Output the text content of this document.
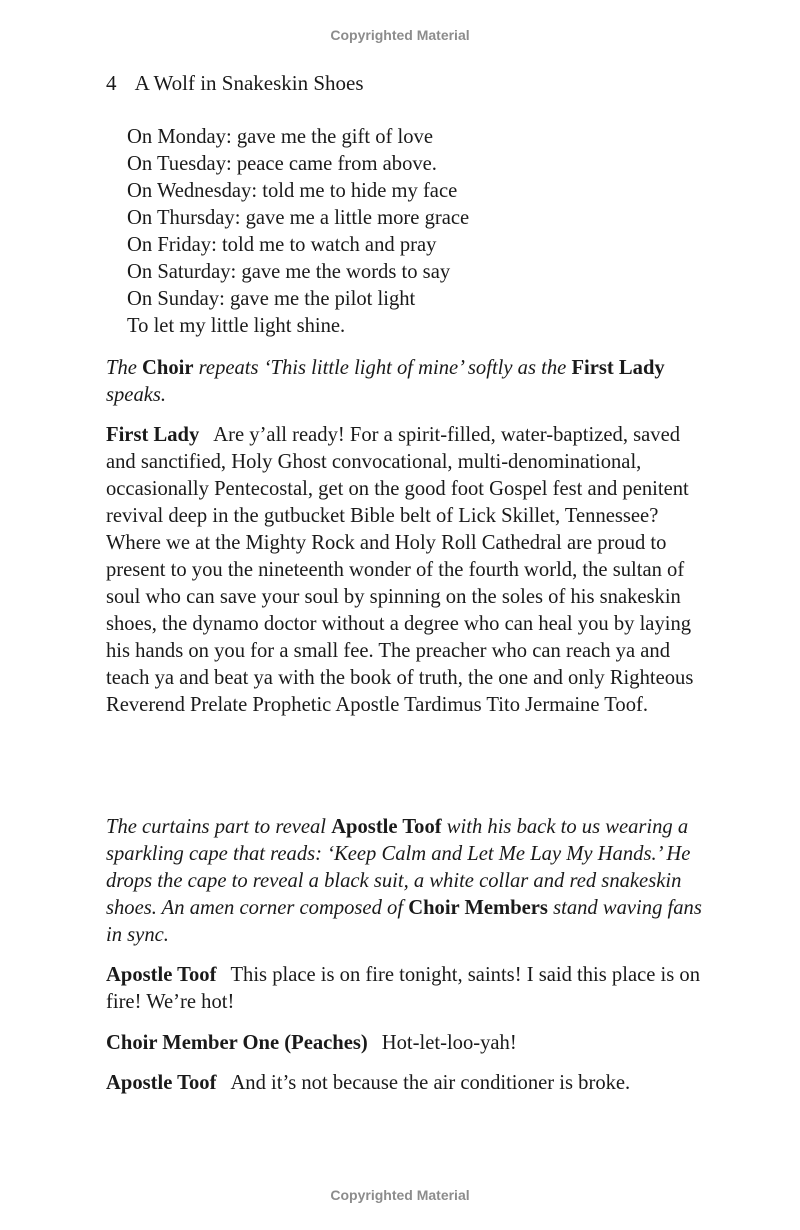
Copyrighted Material
4 A Wolf in Snakeskin Shoes
On Monday: gave me the gift of love
On Tuesday: peace came from above.
On Wednesday: told me to hide my face
On Thursday: gave me a little more grace
On Friday: told me to watch and pray
On Saturday: gave me the words to say
On Sunday: gave me the pilot light
To let my little light shine.
The Choir repeats ‘This little light of mine’ softly as the First Lady speaks.
First Lady Are y’all ready! For a spirit-filled, water-baptized, saved and sanctified, Holy Ghost convocational, multi-denominational, occasionally Pentecostal, get on the good foot Gospel fest and penitent revival deep in the gutbucket Bible belt of Lick Skillet, Tennessee? Where we at the Mighty Rock and Holy Roll Cathedral are proud to present to you the nineteenth wonder of the fourth world, the sultan of soul who can save your soul by spinning on the soles of his snakeskin shoes, the dynamo doctor without a degree who can heal you by laying his hands on you for a small fee. The preacher who can reach ya and teach ya and beat ya with the book of truth, the one and only Righteous Reverend Prelate Prophetic Apostle Tardimus Tito Jermaine Toof.
The curtains part to reveal Apostle Toof with his back to us wearing a sparkling cape that reads: ‘Keep Calm and Let Me Lay My Hands.’ He drops the cape to reveal a black suit, a white collar and red snakeskin shoes. An amen corner composed of Choir Members stand waving fans in sync.
Apostle Toof This place is on fire tonight, saints! I said this place is on fire! We’re hot!
Choir Member One (Peaches) Hot-let-loo-yah!
Apostle Toof And it’s not because the air conditioner is broke.
Copyrighted Material
